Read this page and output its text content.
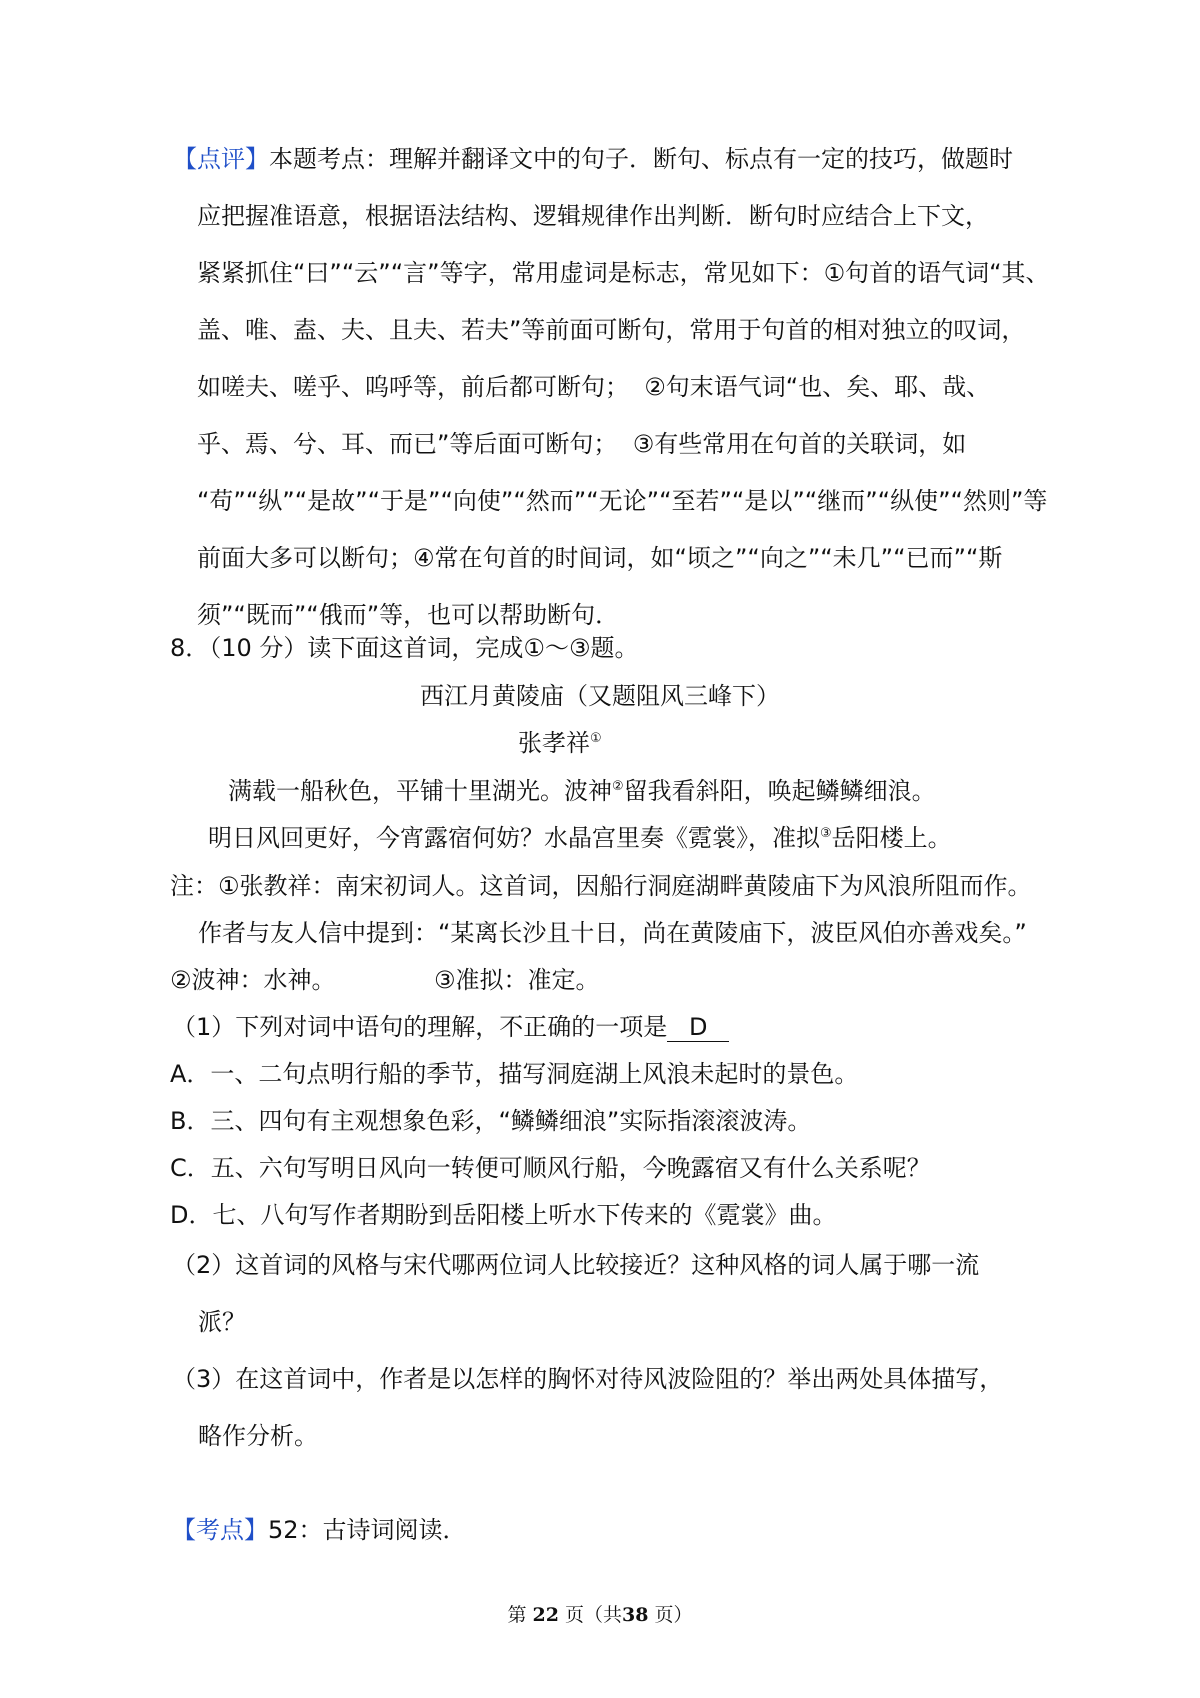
【点评】本题考点：理解并翻译文中的句子．断句、标点有一定的技巧，做题时
应把握准语意，根据语法结构、逻辑规律作出判断．断句时应结合上下文，
紧紧抓住“曰”“云”“言”等字，常用虚词是标志，常见如下：①句首的语气词“其、
盖、唯、盍、夫、且夫、若夫”等前面可断句，常用于句首的相对独立的叹词，
如嗟夫、嗟乎、呜呼等，前后都可断句；  ②句末语气词“也、矣、耶、哉、
乎、焉、兮、耳、而已”等后面可断句；  ③有些常用在句首的关联词，如
“苟”“纵”“是故”“于是”“向使”“然而”“无论”“至若”“是以”“继而”“纵使”“然则”等
前面大多可以断句；④常在句首的时间词，如“顷之”“向之”“未几”“已而”“斯
须”“既而”“俄而”等，也可以帮助断句．
8．（10 分）读下面这首词，完成①～③题。
西江月黄陵庙（又题阻风三峰下）
张孝祥①
满载一船秋色，平铺十里湖光。波神②留我看斜阳，唤起鳞鳞细浪。
明日风回更好，今宵露宿何妨？水晶宫里奏《霓裳》，准拟③岳阳楼上。
注：①张教祥：南宋初词人。这首词，因船行洞庭湖畔黄陵庙下为风浪所阻而作。
作者与友人信中提到：“某离长沙且十日，尚在黄陵庙下，波臣风伯亦善戏矣。”
②波神：水神。	③准拟：准定。
（1）下列对词中语句的理解，不正确的一项是 D
A．一、二句点明行船的季节，描写洞庭湖上风浪未起时的景色。
B．三、四句有主观想象色彩，“鳞鳞细浪”实际指滚滚波涛。
C．五、六句写明日风向一转便可顺风行船，今晚露宿又有什么关系呢？
D．七、八句写作者期盼到岳阳楼上听水下传来的《霓裳》曲。
（2）这首词的风格与宋代哪两位词人比较接近？这种风格的词人属于哪一流
派？
（3）在这首词中，作者是以怎样的胸怀对待风波险阻的？举出两处具体描写，
略作分析。
【考点】52：古诗词阅读．
第 22 页（共38 页）
